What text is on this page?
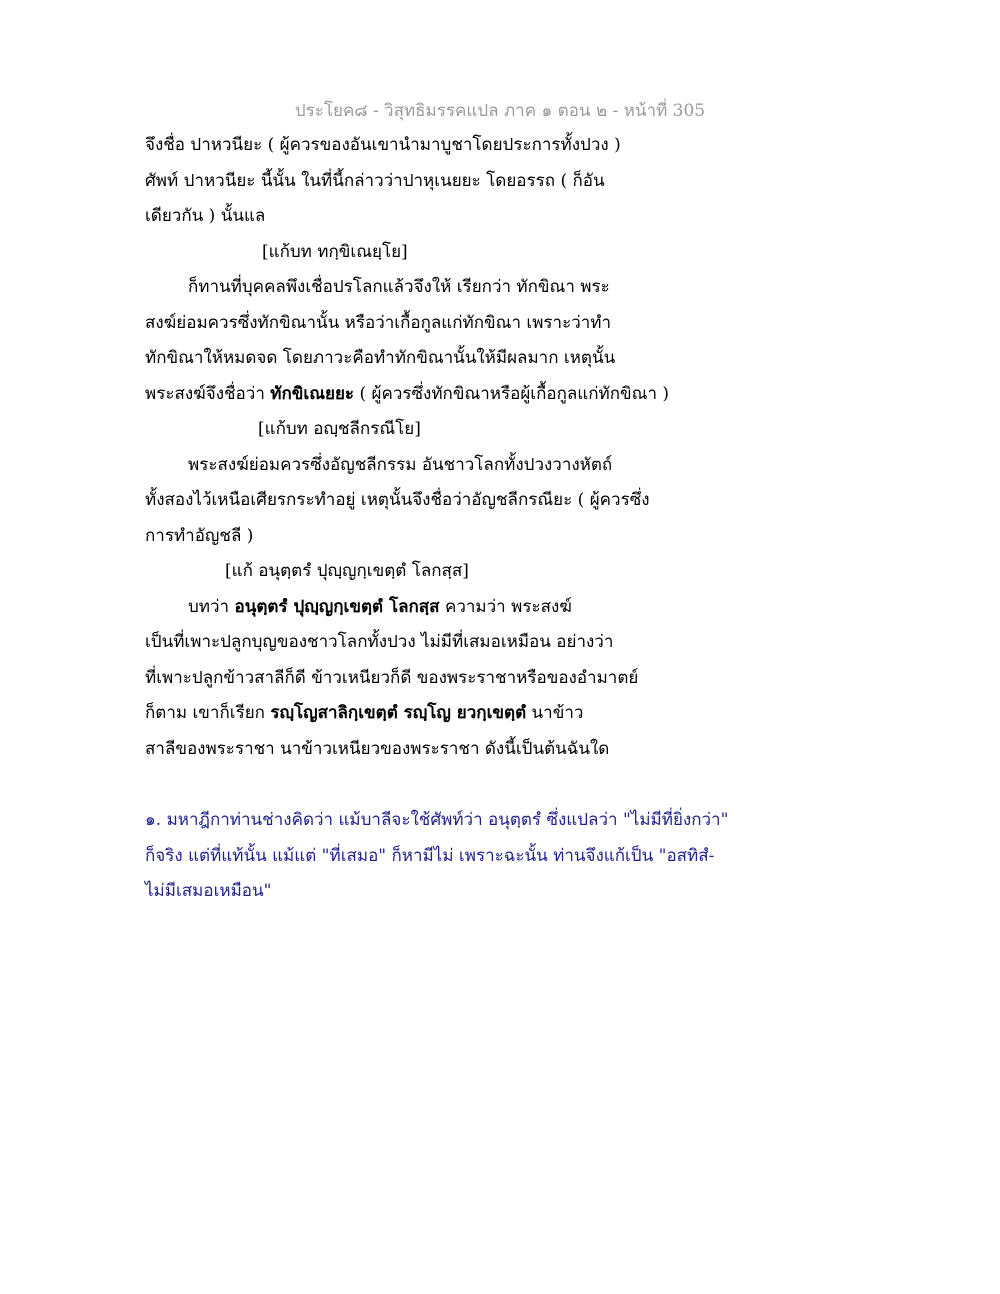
ประโยค๘ - วิสุทธิมรรคแปล ภาค ๑ ตอน ๒ - หน้าที่ 305
จึงชื่อ ปาหวนียะ ( ผู้ควรของอันเขานำมาบูชาโดยประการทั้งปวง )
ศัพท์ ปาหวนียะ นี้นั้น ในที่นี้กล่าวว่าปาหุเนยยะ โดยอรรถ ( ก็อัน
เดียวกัน ) นั้นแล
[แก้บท ทกฺขิเณยฺโย]
ก็ทานที่บุคคลพึงเชื่อปรโลกแล้วจึงให้ เรียกว่า ทักขิณา พระ
สงฆ์ย่อมควรซึ่งทักขิณานั้น หรือว่าเกื้อกูลแก่ทักขิณา เพราะว่าทำ
ทักขิณาให้หมดจด โดยภาวะคือทำทักขิณานั้นให้มีผลมาก เหตุนั้น
พระสงฆ์จึงชื่อว่า ทักขิเณยยะ ( ผู้ควรซึ่งทักขิณาหรือผู้เกื้อกูลแก่ทักขิณา )
[แก้บท อญฺชลีกรณีโย]
พระสงฆ์ย่อมควรซึ่งอัญชลีกรรม อันชาวโลกทั้งปวงวางหัตถ์
ทั้งสองไว้เหนือเศียรกระทำอยู่ เหตุนั้นจึงชื่อว่าอัญชลีกรณียะ ( ผู้ควรซึ่ง
การทำอัญชลี )
[แก้ อนุตฺตรํ ปุญฺญกฺเขตฺตํ โลกสฺส]
บทว่า อนุตฺตรํ ปุญฺญกฺเขตฺตํ โลกสฺส ความว่า พระสงฆ์
เป็นที่เพาะปลูกบุญของชาวโลกทั้งปวง ไม่มีที่เสมอเหมือน อย่างว่า
ที่เพาะปลูกข้าวสาลีก็ดี ข้าวเหนียวก็ดี ของพระราชาหรือของอำมาตย์
ก็ตาม เขาก็เรียก รญฺโญสาลิกฺเขตฺตํ รญฺโญ ยวกฺเขตฺตํ นาข้าว
สาลีของพระราชา นาข้าวเหนียวของพระราชา ดังนี้เป็นต้นฉันใด
๑. มหาฎีกาท่านช่างคิดว่า แม้บาลีจะใช้ศัพท์ว่า อนุตฺตรํ ซึ่งแปลว่า "ไม่มีที่ยิ่งกว่า"
ก็จริง แต่ที่แท้นั้น แม้แต่ "ที่เสมอ" ก็หามีไม่ เพราะฉะนั้น ท่านจึงแก้เป็น "อสทิสํ-
ไม่มีเสมอเหมือน"
